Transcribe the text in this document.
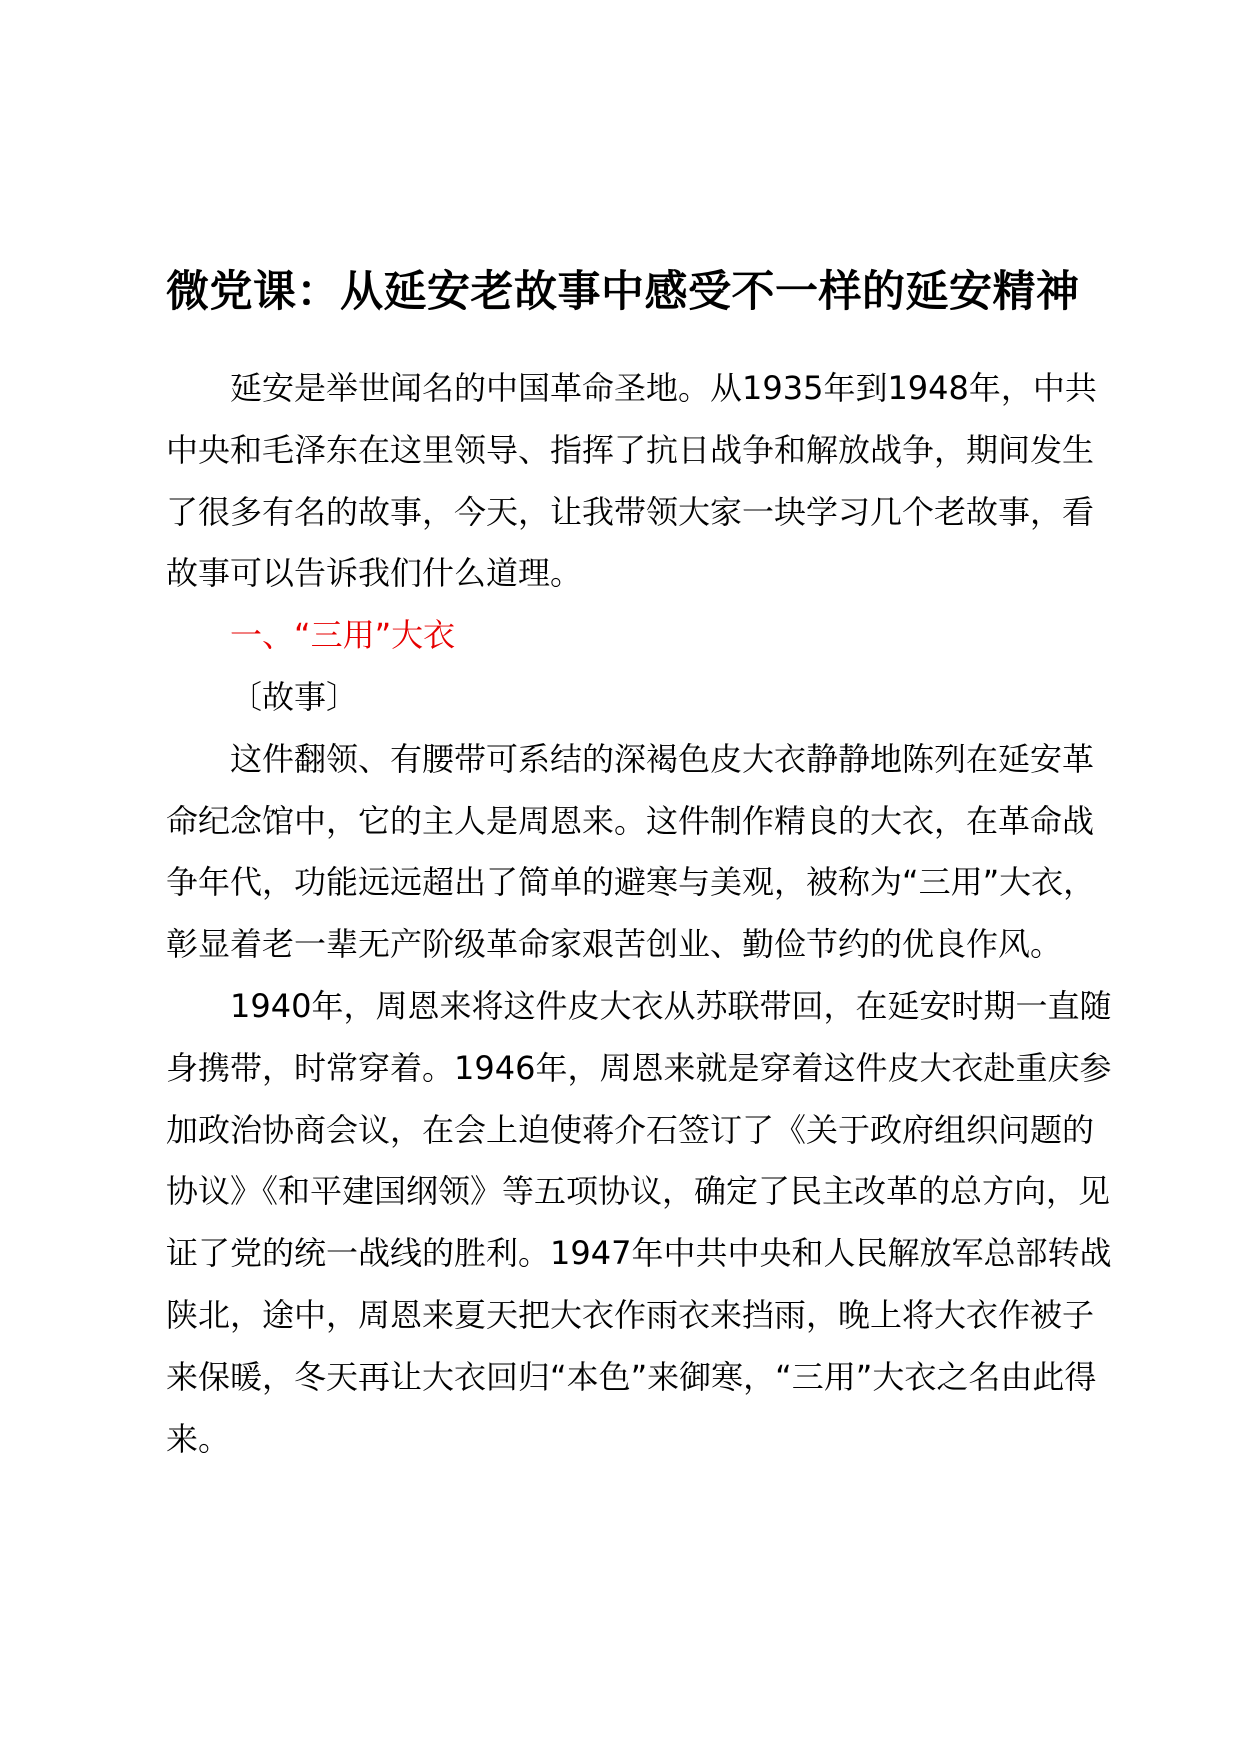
微党课：从延安老故事中感受不一样的延安精神

延安是举世闻名的中国革命圣地。从1935年到1948年，中共中央和毛泽东在这里领导、指挥了抗日战争和解放战争，期间发生了很多有名的故事，今天，让我带领大家一块学习几个老故事，看故事可以告诉我们什么道理。

一、“三用”大衣

〔故事〕

这件翻领、有腰带可系结的深褐色皮大衣静静地陈列在延安革命纪念馆中，它的主人是周恩来。这件制作精良的大衣，在革命战争年代，功能远远超出了简单的避寒与美观，被称为“三用”大衣，彰显着老一辈无产阶级革命家艰苦创业、勤俭节约的优良作风。

1940年，周恩来将这件皮大衣从苏联带回，在延安时期一直随身携带，时常穿着。1946年，周恩来就是穿着这件皮大衣赴重庆参加政治协商会议，在会上迫使蒋介石签订了《关于政府组织问题的协议》《和平建国纲领》等五项协议，确定了民主改革的总方向，见证了党的统一战线的胜利。1947年中共中央和人民解放军总部转战陕北，途中，周恩来夏天把大衣作雨衣来挡雨，晚上将大衣作被子来保暖，冬天再让大衣回归“本色”来御寒，“三用”大衣之名由此得来。
